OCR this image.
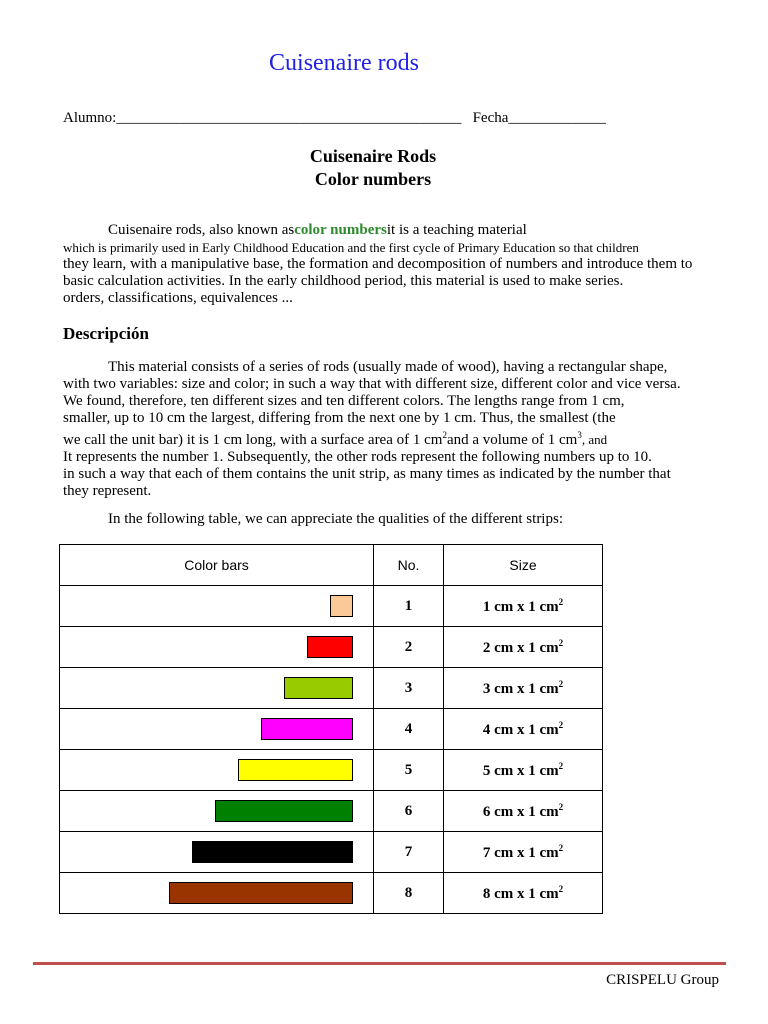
Cuisenaire rods
Alumno:______________________________________________ Fecha_____________
Cuisenaire Rods
Color numbers
Cuisenaire rods, also known ascolor numbersit is a teaching material
which is primarily used in Early Childhood Education and the first cycle of Primary Education so that children
they learn, with a manipulative base, the formation and decomposition of numbers and introduce them to
basic calculation activities. In the early childhood period, this material is used to make series.
orders, classifications, equivalences ...
Descripción
This material consists of a series of rods (usually made of wood), having a rectangular shape,
with two variables: size and color; in such a way that with different size, different color and vice versa.
We found, therefore, ten different sizes and ten different colors. The lengths range from 1 cm,
smaller, up to 10 cm the largest, differing from the next one by 1 cm. Thus, the smallest (the
we call the unit bar) it is 1 cm long, with a surface area of 1 $cm^2and$ a volume of 1 $cm^3$, and
It represents the number 1. Subsequently, the other rods represent the following numbers up to 10.
in such a way that each of them contains the unit strip, as many times as indicated by the number that
they represent.
In the following table, we can appreciate the qualities of the different strips:
Color bars	No.	Size

	1	1 cm x 1 $cm^2$

	2	2 cm x 1 $cm^2$

	3	3 cm x 1 $cm^2$

	4	4 cm x 1 $cm^2$

	5	5 cm x 1 $cm^2$

	6	6 cm x 1 $cm^2$

	7	7 cm x 1 $cm^2$

	8	8 cm x 1 $cm^2$
CRISPELU Group
